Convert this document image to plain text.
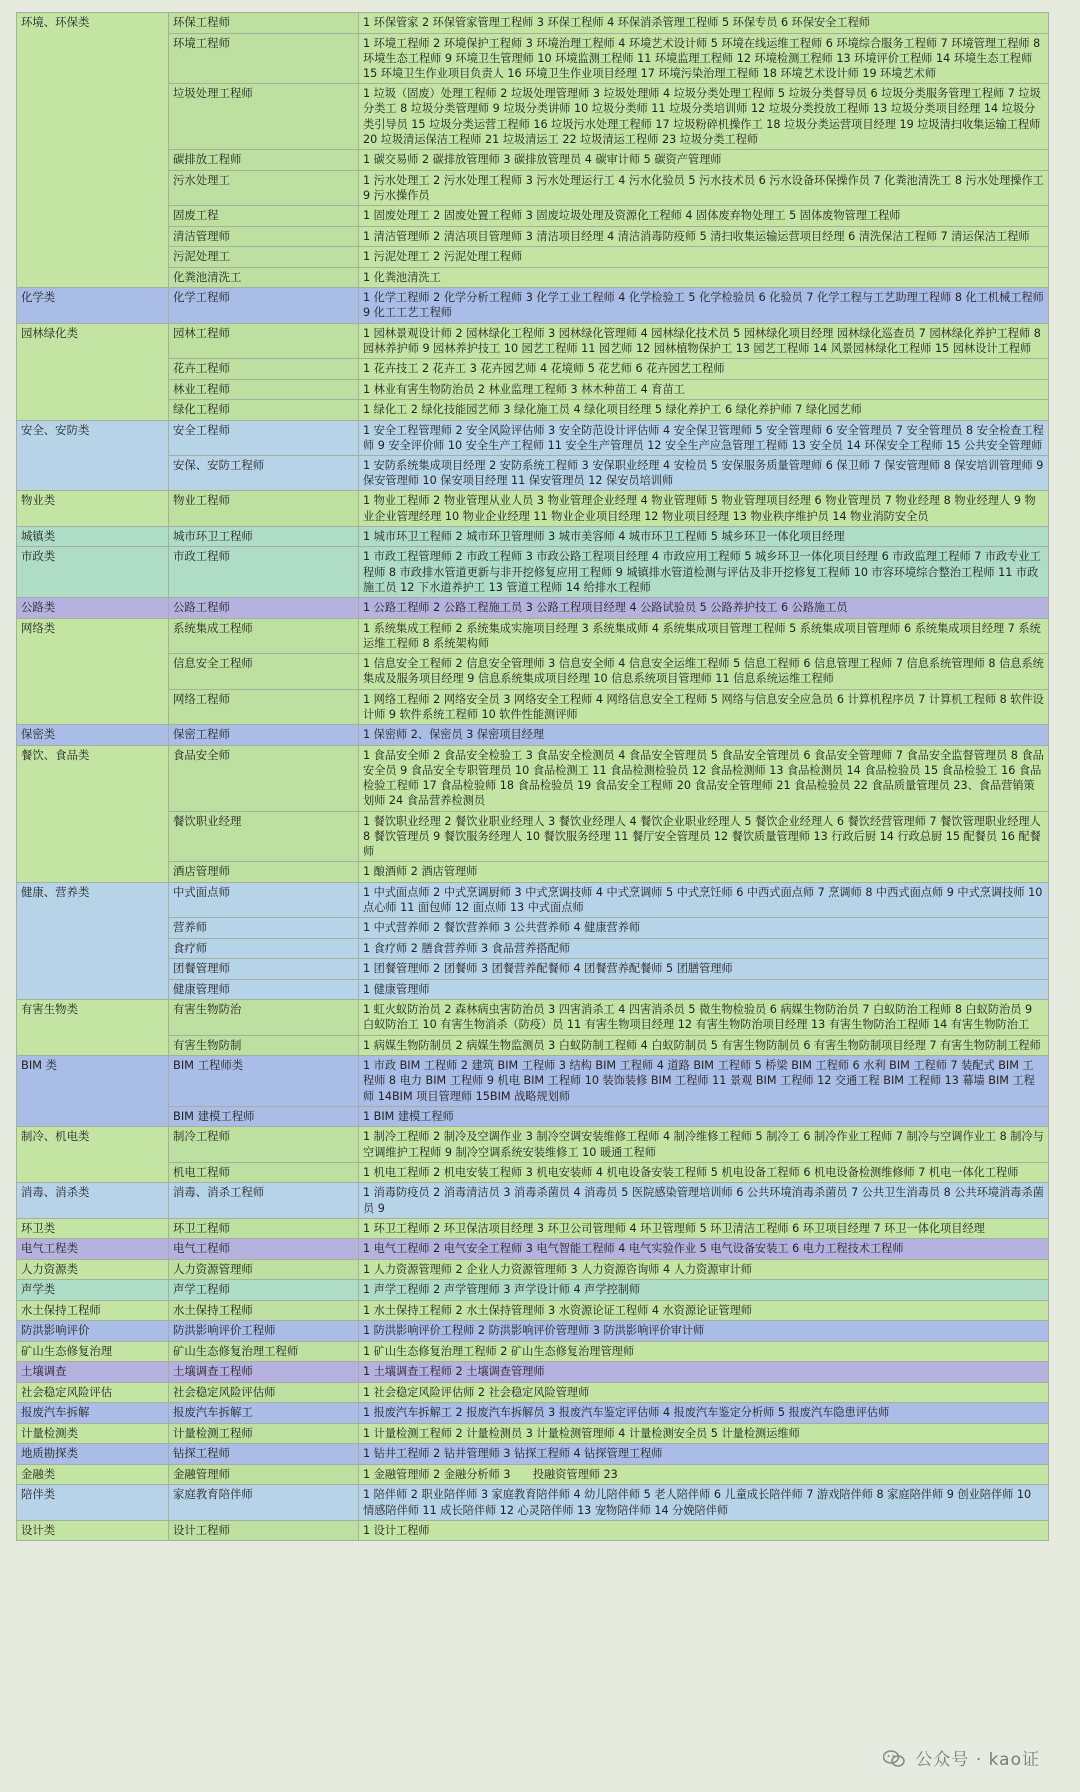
环境、环保类	环保工程师	1 环保管家 2 环保管家管理工程师 3 环保工程师 4 环保消杀管理工程师 5 环保专员 6 环保安全工程师
	环境工程师	1 环境工程师 2 环境保护工程师 3 环境治理工程师 4 环境艺术设计师 5 环境在线运维工程师 6 环境综合服务工程师 7 环境管理工程师 8 环境生态工程师 9 环境卫生管理师 10 环境监测工程师 11 环境监理工程师 12 环境检测工程师 13 环境评价工程师 14 环境生态工程师 15 环境卫生作业项目负责人 16 环境卫生作业项目经理 17 环境污染治理工程师 18 环境艺术设计师 19 环境艺术师
	垃圾处理工程师	1 垃圾（固废）处理工程师 2 垃圾处理管理师 3 垃圾处理师 4 垃圾分类处理工程师 5 垃圾分类督导员 6 垃圾分类服务管理工程师 7 垃圾分类工 8 垃圾分类管理师 9 垃圾分类讲师 10 垃圾分类师 11 垃圾分类培训师 12 垃圾分类投放工程师 13 垃圾分类项目经理 14 垃圾分类引导员 15 垃圾分类运营工程师 16 垃圾污水处理工程师 17 垃圾粉碎机操作工 18 垃圾分类运营项目经理 19 垃圾清扫收集运输工程师 20 垃圾清运保洁工程师 21 垃圾清运工 22 垃圾清运工程师 23 垃圾分类工程师
	碳排放工程师	1 碳交易师 2 碳排放管理师 3 碳排放管理员 4 碳审计师 5 碳资产管理师
	污水处理工	1 污水处理工 2 污水处理工程师 3 污水处理运行工 4 污水化验员 5 污水技术员 6 污水设备环保操作员 7 化粪池清洗工 8 污水处理操作工 9 污水操作员
	固废工程	1 固废处理工 2 固废处置工程师 3 固废垃圾处理及资源化工程师 4 固体废弃物处理工 5 固体废物管理工程师
	清洁管理师	1 清洁管理师 2 清洁项目管理师 3 清洁项目经理 4 清洁消毒防疫师 5 清扫收集运输运营项目经理 6 清洗保洁工程师 7 清运保洁工程师
	污泥处理工	1 污泥处理工 2 污泥处理工程师
	化粪池清洗工	1 化粪池清洗工
化学类	化学工程师	1 化学工程师 2 化学分析工程师 3 化学工业工程师 4 化学检验工 5 化学检验员 6 化验员 7 化学工程与工艺助理工程师 8 化工机械工程师 9 化工工艺工程师
园林绿化类	园林工程师	1 园林景观设计师 2 园林绿化工程师 3 园林绿化管理师 4 园林绿化技术员 5 园林绿化项目经理 园林绿化巡查员 7 园林绿化养护工程师 8 园林养护师 9 园林养护技工 10 园艺工程师 11 园艺师 12 园林植物保护工 13 园艺工程师 14 风景园林绿化工程师 15 园林设计工程师
	花卉工程师	1 花卉技工 2 花卉工 3 花卉园艺师 4 花境师 5 花艺师 6 花卉园艺工程师
	林业工程师	1 林业有害生物防治员 2 林业监理工程师 3 林木种苗工 4 育苗工
	绿化工程师	1 绿化工 2 绿化技能园艺师 3 绿化施工员 4 绿化项目经理 5 绿化养护工 6 绿化养护师 7 绿化园艺师
安全、安防类	安全工程师	1 安全工程管理师 2 安全风险评估师 3 安全防范设计评估师 4 安全保卫管理师 5 安全管理师 6 安全管理员 7 安全管理员 8 安全检查工程师 9 安全评价师 10 安全生产工程师 11 安全生产管理员 12 安全生产应急管理工程师 13 安全员 14 环保安全工程师 15 公共安全管理师
	安保、安防工程师	1 安防系统集成项目经理 2 安防系统工程师 3 安保职业经理 4 安检员 5 安保服务质量管理师 6 保卫师 7 保安管理师 8 保安培训管理师 9 保安管理师 10 保安项目经理 11 保安管理员 12 保安员培训师
物业类	物业工程师	1 物业工程师 2 物业管理从业人员 3 物业管理企业经理 4 物业管理师 5 物业管理项目经理 6 物业管理员 7 物业经理 8 物业经理人 9 物业企业管理经理 10 物业企业经理 11 物业企业项目经理 12 物业项目经理 13 物业秩序维护员 14 物业消防安全员
城镇类	城市环卫工程师	1 城市环卫工程师 2 城市环卫管理师 3 城市美容师 4 城市环卫工程师 5 城乡环卫一体化项目经理
市政类	市政工程师	1 市政工程管理师 2 市政工程师 3 市政公路工程项目经理 4 市政应用工程师 5 城乡环卫一体化项目经理 6 市政监理工程师 7 市政专业工程师 8 市政排水管道更新与非开挖修复应用工程师 9 城镇排水管道检测与评估及非开挖修复工程师 10 市容环境综合整治工程师 11 市政施工员 12 下水道养护工 13 管道工程师 14 给排水工程师
公路类	公路工程师	1 公路工程师 2 公路工程施工员 3 公路工程项目经理 4 公路试验员 5 公路养护技工 6 公路施工员
网络类	系统集成工程师	1 系统集成工程师 2 系统集成实施项目经理 3 系统集成师 4 系统集成项目管理工程师 5 系统集成项目管理师 6 系统集成项目经理 7 系统运维工程师 8 系统架构师
	信息安全工程师	1 信息安全工程师 2 信息安全管理师 3 信息安全师 4 信息安全运维工程师 5 信息工程师 6 信息管理工程师 7 信息系统管理师 8 信息系统集成及服务项目经理 9 信息系统集成项目经理 10 信息系统项目管理师 11 信息系统运维工程师
	网络工程师	1 网络工程师 2 网络安全员 3 网络安全工程师 4 网络信息安全工程师 5 网络与信息安全应急员 6 计算机程序员 7 计算机工程师 8 软件设计师 9 软件系统工程师 10 软件性能测评师
保密类	保密工程师	1 保密师 2、保密员 3 保密项目经理
餐饮、食品类	食品安全师	1 食品安全师 2 食品安全检验工 3 食品安全检测员 4 食品安全管理员 5 食品安全管理员 6 食品安全管理师 7 食品安全监督管理员 8 食品安全员 9 食品安全专职管理员 10 食品检测工 11 食品检测检验员 12 食品检测师 13 食品检测员 14 食品检验员 15 食品检验工 16 食品检验工程师 17 食品检验师 18 食品检验员 19 食品安全工程师 20 食品安全管理师 21 食品检验员 22 食品质量管理员 23、食品营销策划师 24 食品营养检测员
	餐饮职业经理	1 餐饮职业经理 2 餐饮业职业经理人 3 餐饮业经理人 4 餐饮企业职业经理人 5 餐饮企业经理人 6 餐饮经营管理师 7 餐饮管理职业经理人 8 餐饮管理员 9 餐饮服务经理人 10 餐饮服务经理 11 餐厅安全管理员 12 餐饮质量管理师 13 行政后厨 14 行政总厨 15 配餐员 16 配餐师
	酒店管理师	1 酿酒师 2 酒店管理师
健康、营养类	中式面点师	1 中式面点师 2 中式烹调厨师 3 中式烹调技师 4 中式烹调师 5 中式烹饪师 6 中西式面点师 7 烹调师 8 中西式面点师 9 中式烹调技师 10 点心师 11 面包师 12 面点师 13 中式面点师
	营养师	1 中式营养师 2 餐饮营养师 3 公共营养师 4 健康营养师
	食疗师	1 食疗师 2 膳食营养师 3 食品营养搭配师
	团餐管理师	1 团餐管理师 2 团餐师 3 团餐营养配餐师 4 团餐营养配餐师 5 团膳管理师
	健康管理师	1 健康管理师
有害生物类	有害生物防治	1 虹火蚁防治员 2 森林病虫害防治员 3 四害消杀工 4 四害消杀员 5 微生物检验员 6 病媒生物防治员 7 白蚁防治工程师 8 白蚁防治员 9 白蚁防治工 10 有害生物消杀（防疫）员 11 有害生物项目经理 12 有害生物防治项目经理 13 有害生物防治工程师 14 有害生物防治工
	有害生物防制	1 病媒生物防制员 2 病媒生物监测员 3 白蚁防制工程师 4 白蚁防制员 5 有害生物防制员 6 有害生物防制项目经理 7 有害生物防制工程师
BIM 类	BIM 工程师类	1 市政 BIM 工程师 2 建筑 BIM 工程师 3 结构 BIM 工程师 4 道路 BIM 工程师 5 桥梁 BIM 工程师 6 水利 BIM 工程师 7 装配式 BIM 工程师 8 电力 BIM 工程师 9 机电 BIM 工程师 10 装饰装修 BIM 工程师 11 景观 BIM 工程师 12 交通工程 BIM 工程师 13 幕墙 BIM 工程师 14BIM 项目管理师 15BIM 战略规划师
	BIM 建模工程师	1 BIM 建模工程师
制冷、机电类	制冷工程师	1 制冷工程师 2 制冷及空调作业 3 制冷空调安装维修工程师 4 制冷维修工程师 5 制冷工 6 制冷作业工程师 7 制冷与空调作业工 8 制冷与空调维护工程师 9 制冷空调系统安装维修工 10 暖通工程师
	机电工程师	1 机电工程师 2 机电安装工程师 3 机电安装师 4 机电设备安装工程师 5 机电设备工程师 6 机电设备检测维修师 7 机电一体化工程师
消毒、消杀类	消毒、消杀工程师	1 消毒防疫员 2 消毒清洁员 3 消毒杀菌员 4 消毒员 5 医院感染管理培训师 6 公共环境消毒杀菌员 7 公共卫生消毒员 8 公共环境消毒杀菌员 9
环卫类	环卫工程师	1 环卫工程师 2 环卫保洁项目经理 3 环卫公司管理师 4 环卫管理师 5 环卫清洁工程师 6 环卫项目经理 7 环卫一体化项目经理
电气工程类	电气工程师	1 电气工程师 2 电气安全工程师 3 电气智能工程师 4 电气实验作业 5 电气设备安装工 6 电力工程技术工程师
人力资源类	人力资源管理师	1 人力资源管理师 2 企业人力资源管理师 3 人力资源咨询师 4 人力资源审计师
声学类	声学工程师	1 声学工程师 2 声学管理师 3 声学设计师 4 声学控制师
水土保持工程师	水土保持工程师	1 水土保持工程师 2 水土保持管理师 3 水资源论证工程师 4 水资源论证管理师
防洪影响评价	防洪影响评价工程师	1 防洪影响评价工程师 2 防洪影响评价管理师 3 防洪影响评价审计师
矿山生态修复治理	矿山生态修复治理工程师	1 矿山生态修复治理工程师 2 矿山生态修复治理管理师
土壤调查	土壤调查工程师	1 土壤调查工程师 2 土壤调查管理师
社会稳定风险评估	社会稳定风险评估师	1 社会稳定风险评估师 2 社会稳定风险管理师
报废汽车拆解	报废汽车拆解工	1 报废汽车拆解工 2 报废汽车拆解员 3 报废汽车鉴定评估师 4 报废汽车鉴定分析师 5 报废汽车隐患评估师
计量检测类	计量检测工程师	1 计量检测工程师 2 计量检测员 3 计量检测管理师 4 计量检测安全员 5 计量检测运维师
地质勘探类	钻探工程师	1 钻井工程师 2 钻井管理师 3 钻探工程师 4 钻探管理工程师
金融类	金融管理师	1 金融管理师 2 金融分析师 3　　投融资管理师 23
陪伴类	家庭教育陪伴师	1 陪伴师 2 职业陪伴师 3 家庭教育陪伴师 4 幼儿陪伴师 5 老人陪伴师 6 儿童成长陪伴师 7 游戏陪伴师 8 家庭陪伴师 9 创业陪伴师 10 情感陪伴师 11 成长陪伴师 12 心灵陪伴师 13 宠物陪伴师 14 分娩陪伴师
设计类	设计工程师	1 设计工程师
公众号 · kao证
